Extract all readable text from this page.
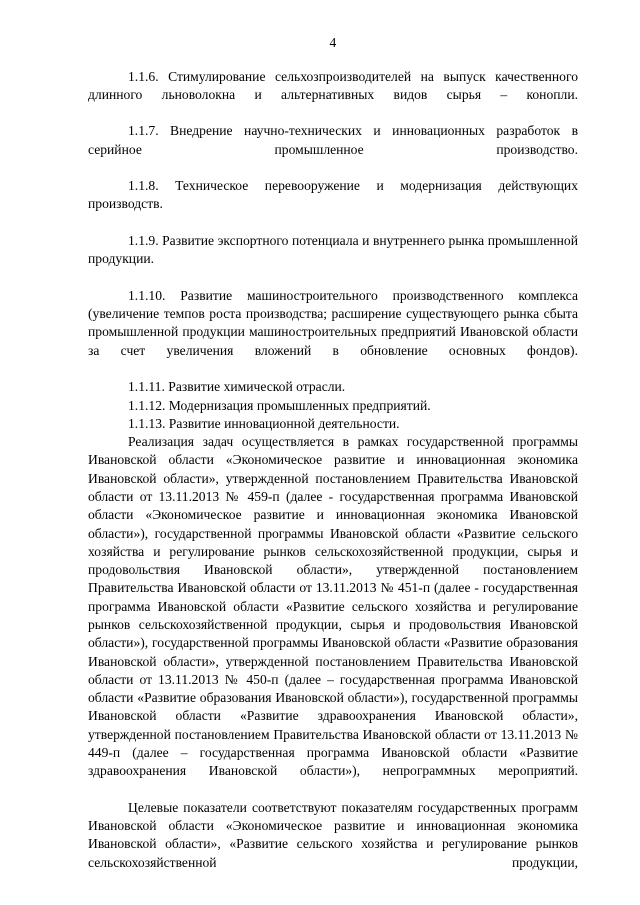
4

1.1.6. Стимулирование сельхозпроизводителей на выпуск качественного длинного льноволокна и альтернативных видов сырья – конопли.

1.1.7. Внедрение научно-технических и инновационных разработок в серийное промышленное производство.

1.1.8. Техническое перевооружение и модернизация действующих производств.

1.1.9. Развитие экспортного потенциала и внутреннего рынка промышленной продукции.

1.1.10. Развитие машиностроительного производственного комплекса (увеличение темпов роста производства; расширение существующего рынка сбыта промышленной продукции машиностроительных предприятий Ивановской области за счет увеличения вложений в обновление основных фондов).

1.1.11. Развитие химической отрасли.

1.1.12. Модернизация промышленных предприятий.

1.1.13. Развитие инновационной деятельности.

Реализация задач осуществляется в рамках государственной программы Ивановской области «Экономическое развитие и инновационная экономика Ивановской области», утвержденной постановлением Правительства Ивановской области от 13.11.2013 № 459-п (далее - государственная программа Ивановской области «Экономическое развитие и инновационная экономика Ивановской области»), государственной программы Ивановской области «Развитие сельского хозяйства и регулирование рынков сельскохозяйственной продукции, сырья и продовольствия Ивановской области», утвержденной постановлением Правительства Ивановской области от 13.11.2013 № 451-п (далее - государственная программа Ивановской области «Развитие сельского хозяйства и регулирование рынков сельскохозяйственной продукции, сырья и продовольствия Ивановской области»), государственной программы Ивановской области «Развитие образования Ивановской области», утвержденной постановлением Правительства Ивановской области от 13.11.2013 № 450-п (далее – государственная программа Ивановской области «Развитие образования Ивановской области»), государственной программы Ивановской области «Развитие здравоохранения Ивановской области», утвержденной постановлением Правительства Ивановской области от 13.11.2013 № 449-п (далее – государственная программа Ивановской области «Развитие здравоохранения Ивановской области»), непрограммных мероприятий.

Целевые показатели соответствуют показателям государственных программ Ивановской области «Экономическое развитие и инновационная экономика Ивановской области», «Развитие сельского хозяйства и регулирование рынков сельскохозяйственной продукции,
